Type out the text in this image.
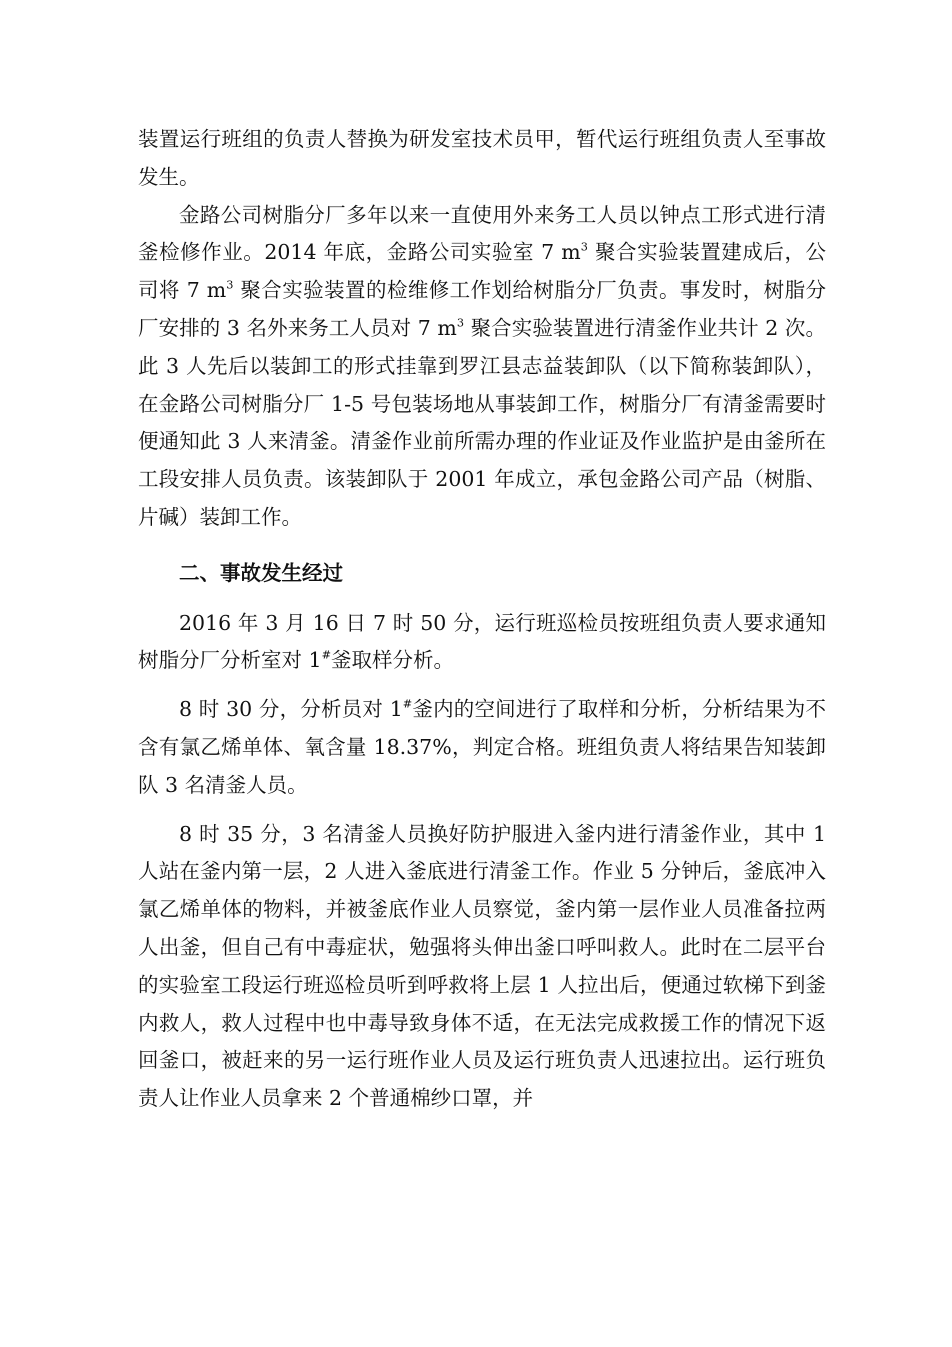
装置运行班组的负责人替换为研发室技术员甲，暂代运行班组负责人至事故发生。

金路公司树脂分厂多年以来一直使用外来务工人员以钟点工形式进行清釜检修作业。2014 年底，金路公司实验室 7 $m^3$ 聚合实验装置建成后，公司将 7 $m^3$ 聚合实验装置的检维修工作划给树脂分厂负责。事发时，树脂分厂安排的 3 名外来务工人员对 7 $m^3$ 聚合实验装置进行清釜作业共计 2 次。此 3 人先后以装卸工的形式挂靠到罗江县志益装卸队（以下简称装卸队），在金路公司树脂分厂 1-5 号包装场地从事装卸工作，树脂分厂有清釜需要时便通知此 3 人来清釜。清釜作业前所需办理的作业证及作业监护是由釜所在工段安排人员负责。该装卸队于 2001 年成立，承包金路公司产品（树脂、片碱）装卸工作。

二、事故发生经过

2016 年 3 月 16 日 7 时 50 分，运行班巡检员按班组负责人要求通知树脂分厂分析室对 1#釜取样分析。

8 时 30 分，分析员对 1#釜内的空间进行了取样和分析，分析结果为不含有氯乙烯单体、氧含量 18.37%，判定合格。班组负责人将结果告知装卸队 3 名清釜人员。

8 时 35 分，3 名清釜人员换好防护服进入釜内进行清釜作业，其中 1 人站在釜内第一层，2 人进入釜底进行清釜工作。作业 5 分钟后，釜底冲入氯乙烯单体的物料，并被釜底作业人员察觉，釜内第一层作业人员准备拉两人出釜，但自己有中毒症状，勉强将头伸出釜口呼叫救人。此时在二层平台的实验室工段运行班巡检员听到呼救将上层 1 人拉出后，便通过软梯下到釜内救人，救人过程中也中毒导致身体不适，在无法完成救援工作的情况下返回釜口，被赶来的另一运行班作业人员及运行班负责人迅速拉出。运行班负责人让作业人员拿来 2 个普通棉纱口罩，并
